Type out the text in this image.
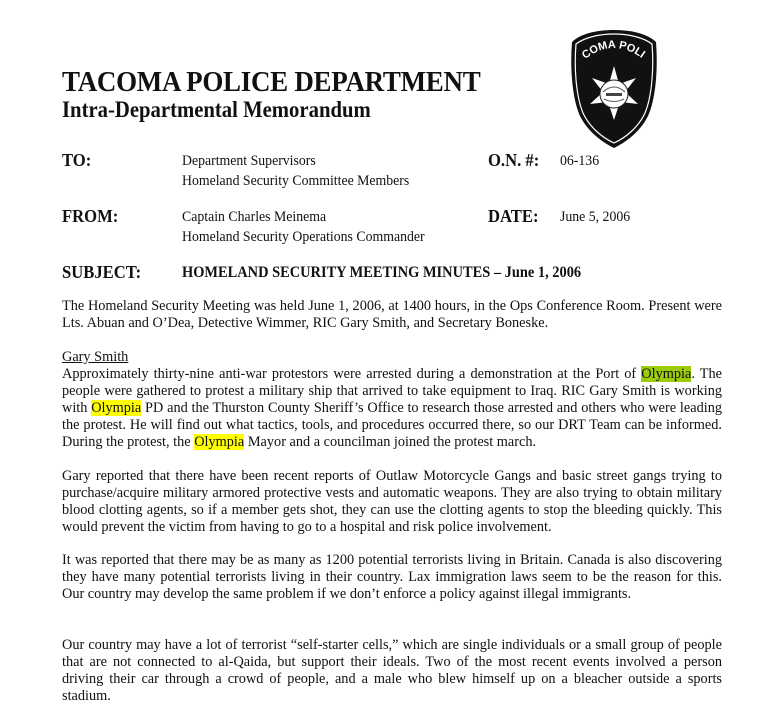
TACOMA POLICE DEPARTMENT
Intra-Departmental Memorandum
COMA POLI
TO:	Department Supervisors
Homeland Security Committee Members
O.N. #: 06-136
FROM:	Captain Charles Meinema
Homeland Security Operations Commander
DATE: June 5, 2006
SUBJECT:	HOMELAND SECURITY MEETING MINUTES – June 1, 2006

The Homeland Security Meeting was held June 1, 2006, at 1400 hours, in the Ops Conference Room. Present were Lts. Abuan and O’Dea, Detective Wimmer, RIC Gary Smith, and Secretary Boneske.

Gary Smith

Approximately thirty-nine anti-war protestors were arrested during a demonstration at the Port of Olympia. The people were gathered to protest a military ship that arrived to take equipment to Iraq. RIC Gary Smith is working with Olympia PD and the Thurston County Sheriff’s Office to research those arrested and others who were leading the protest. He will find out what tactics, tools, and procedures occurred there, so our DRT Team can be informed. During the protest, the Olympia Mayor and a councilman joined the protest march.

Gary reported that there have been recent reports of Outlaw Motorcycle Gangs and basic street gangs trying to purchase/acquire military armored protective vests and automatic weapons. They are also trying to obtain military blood clotting agents, so if a member gets shot, they can use the clotting agents to stop the bleeding quickly. This would prevent the victim from having to go to a hospital and risk police involvement.

It was reported that there may be as many as 1200 potential terrorists living in Britain. Canada is also discovering they have many potential terrorists living in their country. Lax immigration laws seem to be the reason for this. Our country may develop the same problem if we don’t enforce a policy against illegal immigrants.

Our country may have a lot of terrorist “self-starter cells,” which are single individuals or a small group of people that are not connected to al-Qaida, but support their ideals. Two of the most recent events involved a person driving their car through a crowd of people, and a male who blew himself up on a bleacher outside a sports stadium.
